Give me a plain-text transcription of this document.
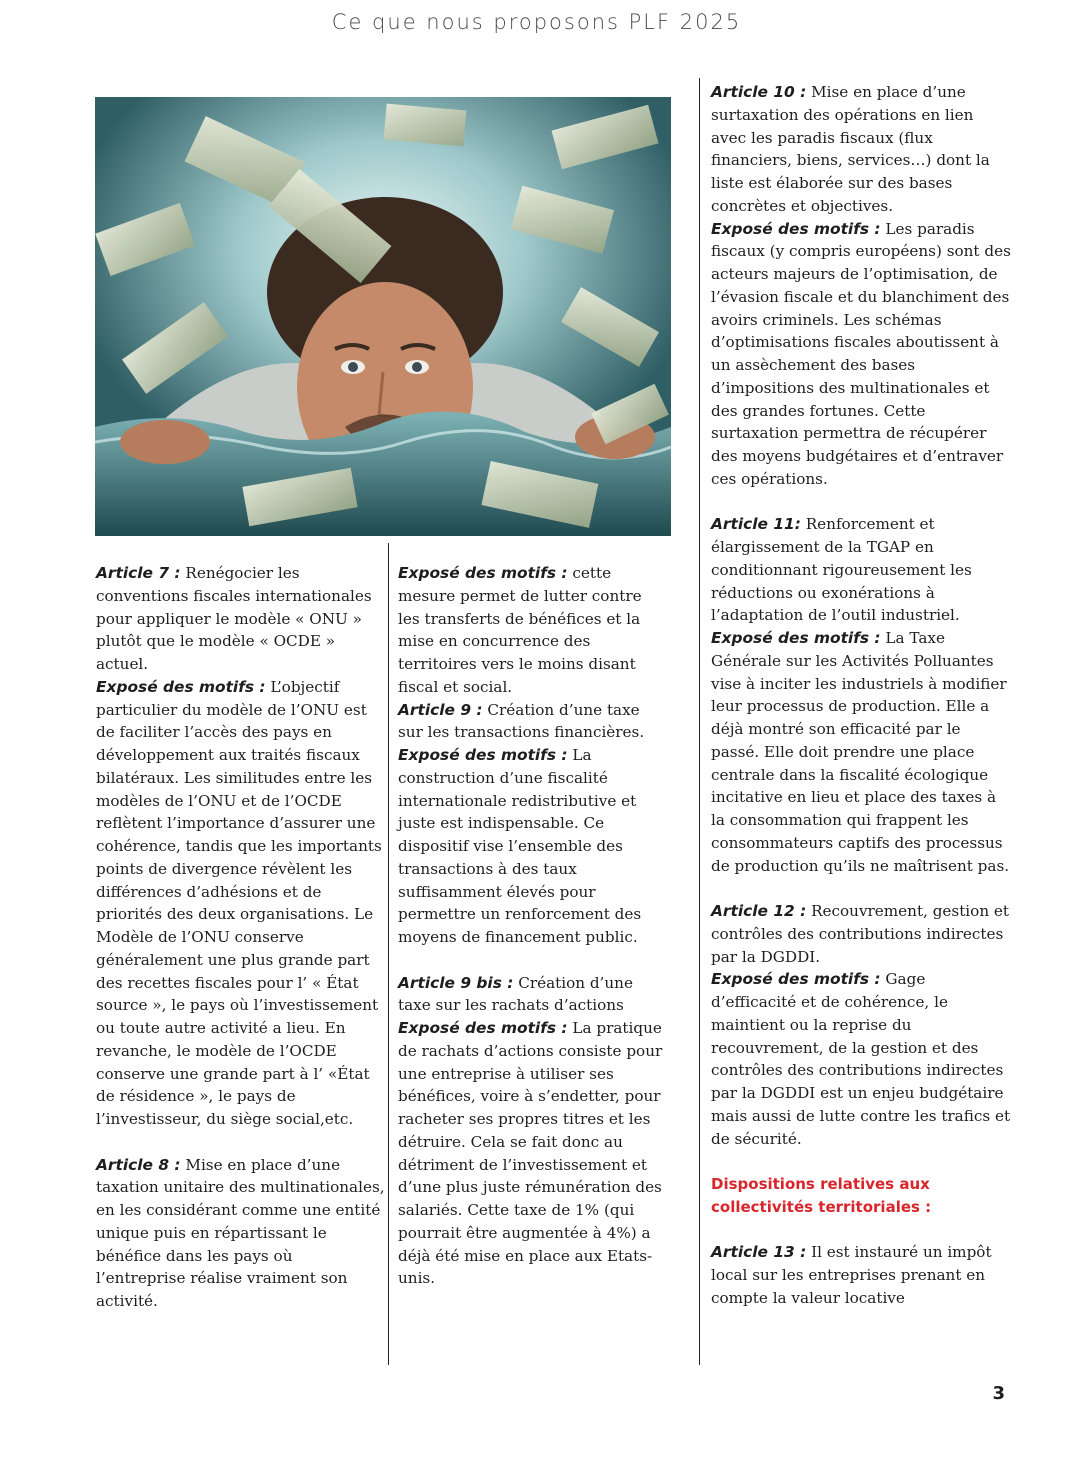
Ce que nous proposons PLF 2025

Article 7 : Renégocier les conventions fiscales internationales pour appliquer le modèle « ONU » plutôt que le modèle « OCDE » actuel.
Exposé des motifs : L’objectif particulier du modèle de l’ONU est de faciliter l’accès des pays en développement aux traités fiscaux bilatéraux. Les similitudes entre les modèles de l’ONU et de l’OCDE reflètent l’importance d’assurer une cohérence, tandis que les importants points de divergence révèlent les différences d’adhésions et de priorités des deux organisations. Le Modèle de l’ONU conserve généralement une plus grande part des recettes fiscales pour l’ « État source », le pays où l’investissement ou toute autre activité a lieu. En revanche, le modèle de l’OCDE conserve une grande part à l’ «État de résidence », le pays de l’investisseur, du siège social,etc.

Article 8 : Mise en place d’une taxation unitaire des multinationales, en les considérant comme une entité unique puis en répartissant le bénéfice dans les pays où l’entreprise réalise vraiment son activité.

Exposé des motifs : cette mesure permet de lutter contre les transferts de bénéfices et la mise en concurrence des territoires vers le moins disant fiscal et social.

Article 9 : Création d’une taxe sur les transactions financières.
Exposé des motifs : La construction d’une fiscalité internationale redistributive et juste est indispensable. Ce dispositif vise l’ensemble des transactions à des taux suffisamment élevés pour permettre un renforcement des moyens de financement public.

Article 9 bis : Création d’une taxe sur les rachats d’actions
Exposé des motifs : La pratique de rachats d’actions consiste pour une entreprise à utiliser ses bénéfices, voire à s’endetter, pour racheter ses propres titres et les détruire. Cela se fait donc au détriment de l’investissement et d’une plus juste rémunération des salariés. Cette taxe de 1% (qui pourrait être augmentée à 4%) a déjà été mise en place aux Etats-unis.

Article 10 : Mise en place d’une surtaxation des opérations en lien avec les paradis fiscaux (flux financiers, biens, services…) dont la liste est élaborée sur des bases concrètes et objectives.
Exposé des motifs : Les paradis fiscaux (y compris européens) sont des acteurs majeurs de l’optimisation, de l’évasion fiscale et du blanchiment des avoirs criminels. Les schémas d’optimisations fiscales aboutissent à un assèchement des bases d’impositions des multinationales et des grandes fortunes. Cette surtaxation permettra de récupérer des moyens budgétaires et d’entraver ces opérations.

Article 11: Renforcement et élargissement de la TGAP en conditionnant rigoureusement les réductions ou exonérations à l’adaptation de l’outil industriel.
Exposé des motifs : La Taxe Générale sur les Activités Polluantes vise à inciter les industriels à modifier leur processus de production. Elle a déjà montré son efficacité par le passé. Elle doit prendre une place centrale dans la fiscalité écologique incitative en lieu et place des taxes à la consommation qui frappent les consommateurs captifs des processus de production qu’ils ne maîtrisent pas.

Article 12 : Recouvrement, gestion et contrôles des contributions indirectes par la DGDDI.
Exposé des motifs : Gage d’efficacité et de cohérence, le maintient ou la reprise du recouvrement, de la gestion et des contrôles des contributions indirectes par la DGDDI est un enjeu budgétaire mais aussi de lutte contre les trafics et de sécurité.

Dispositions relatives aux collectivités territoriales :

Article 13 : Il est instauré un impôt local sur les entreprises prenant en compte la valeur locative

3
